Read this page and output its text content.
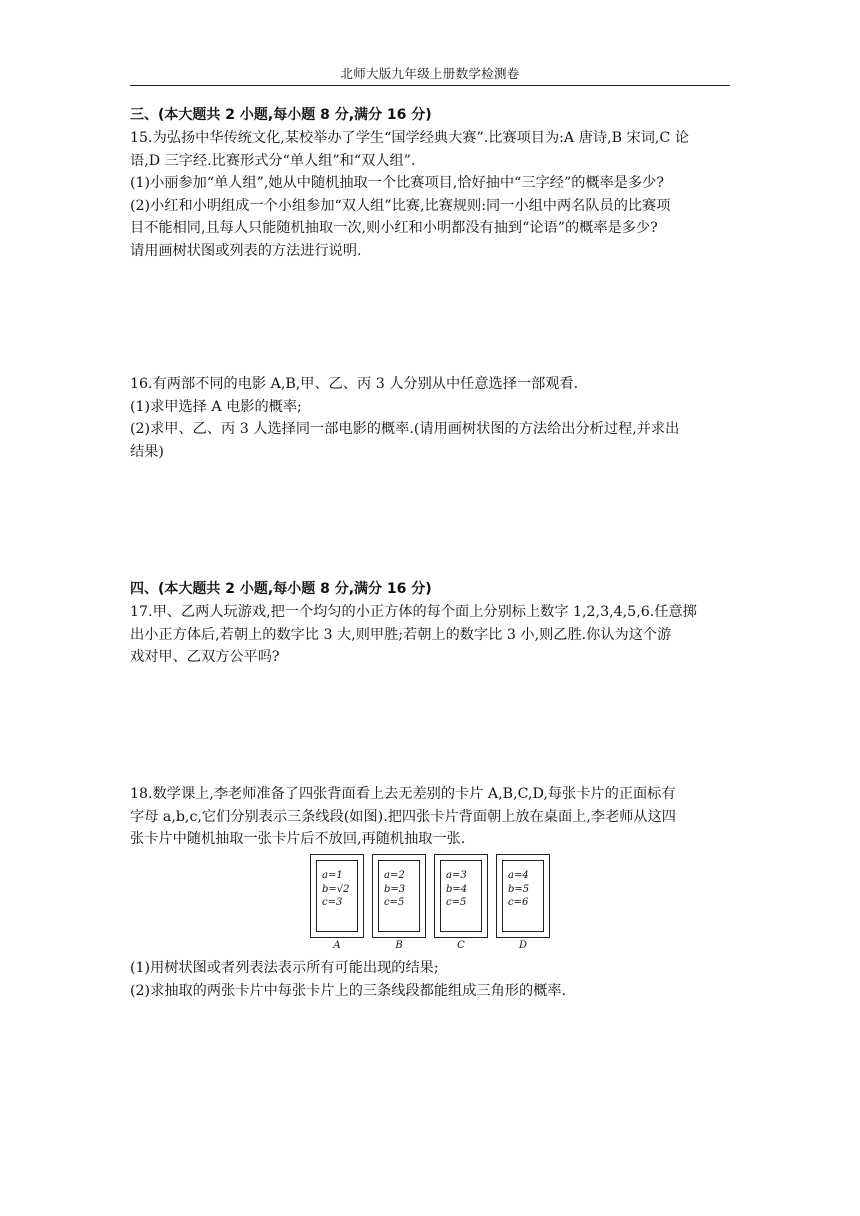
北师大版九年级上册数学检测卷

三、(本大题共 2 小题,每小题 8 分,满分 16 分)

15.为弘扬中华传统文化,某校举办了学生“国学经典大赛”.比赛项目为:A 唐诗,B 宋词,C 论

语,D 三字经.比赛形式分“单人组”和“双人组”.

(1)小丽参加“单人组”,她从中随机抽取一个比赛项目,恰好抽中“三字经”的概率是多少?

(2)小红和小明组成一个小组参加“双人组”比赛,比赛规则:同一小组中两名队员的比赛项

目不能相同,且每人只能随机抽取一次,则小红和小明都没有抽到“论语”的概率是多少?

请用画树状图或列表的方法进行说明.

16.有两部不同的电影 A,B,甲、乙、丙 3 人分别从中任意选择一部观看.

(1)求甲选择 A 电影的概率;

(2)求甲、乙、丙 3 人选择同一部电影的概率.(请用画树状图的方法给出分析过程,并求出

结果)

四、(本大题共 2 小题,每小题 8 分,满分 16 分)

17.甲、乙两人玩游戏,把一个均匀的小正方体的每个面上分别标上数字 1,2,3,4,5,6.任意掷

出小正方体后,若朝上的数字比 3 大,则甲胜;若朝上的数字比 3 小,则乙胜.你认为这个游

戏对甲、乙双方公平吗?

18.数学课上,李老师准备了四张背面看上去无差别的卡片 A,B,C,D,每张卡片的正面标有

字母 a,b,c,它们分别表示三条线段(如图).把四张卡片背面朝上放在桌面上,李老师从这四

张卡片中随机抽取一张卡片后不放回,再随机抽取一张.

a=1
b=√2
c=3
A
a=2
b=3
c=5
B
a=3
b=4
c=5
C
a=4
b=5
c=6
D

(1)用树状图或者列表法表示所有可能出现的结果;

(2)求抽取的两张卡片中每张卡片上的三条线段都能组成三角形的概率.
